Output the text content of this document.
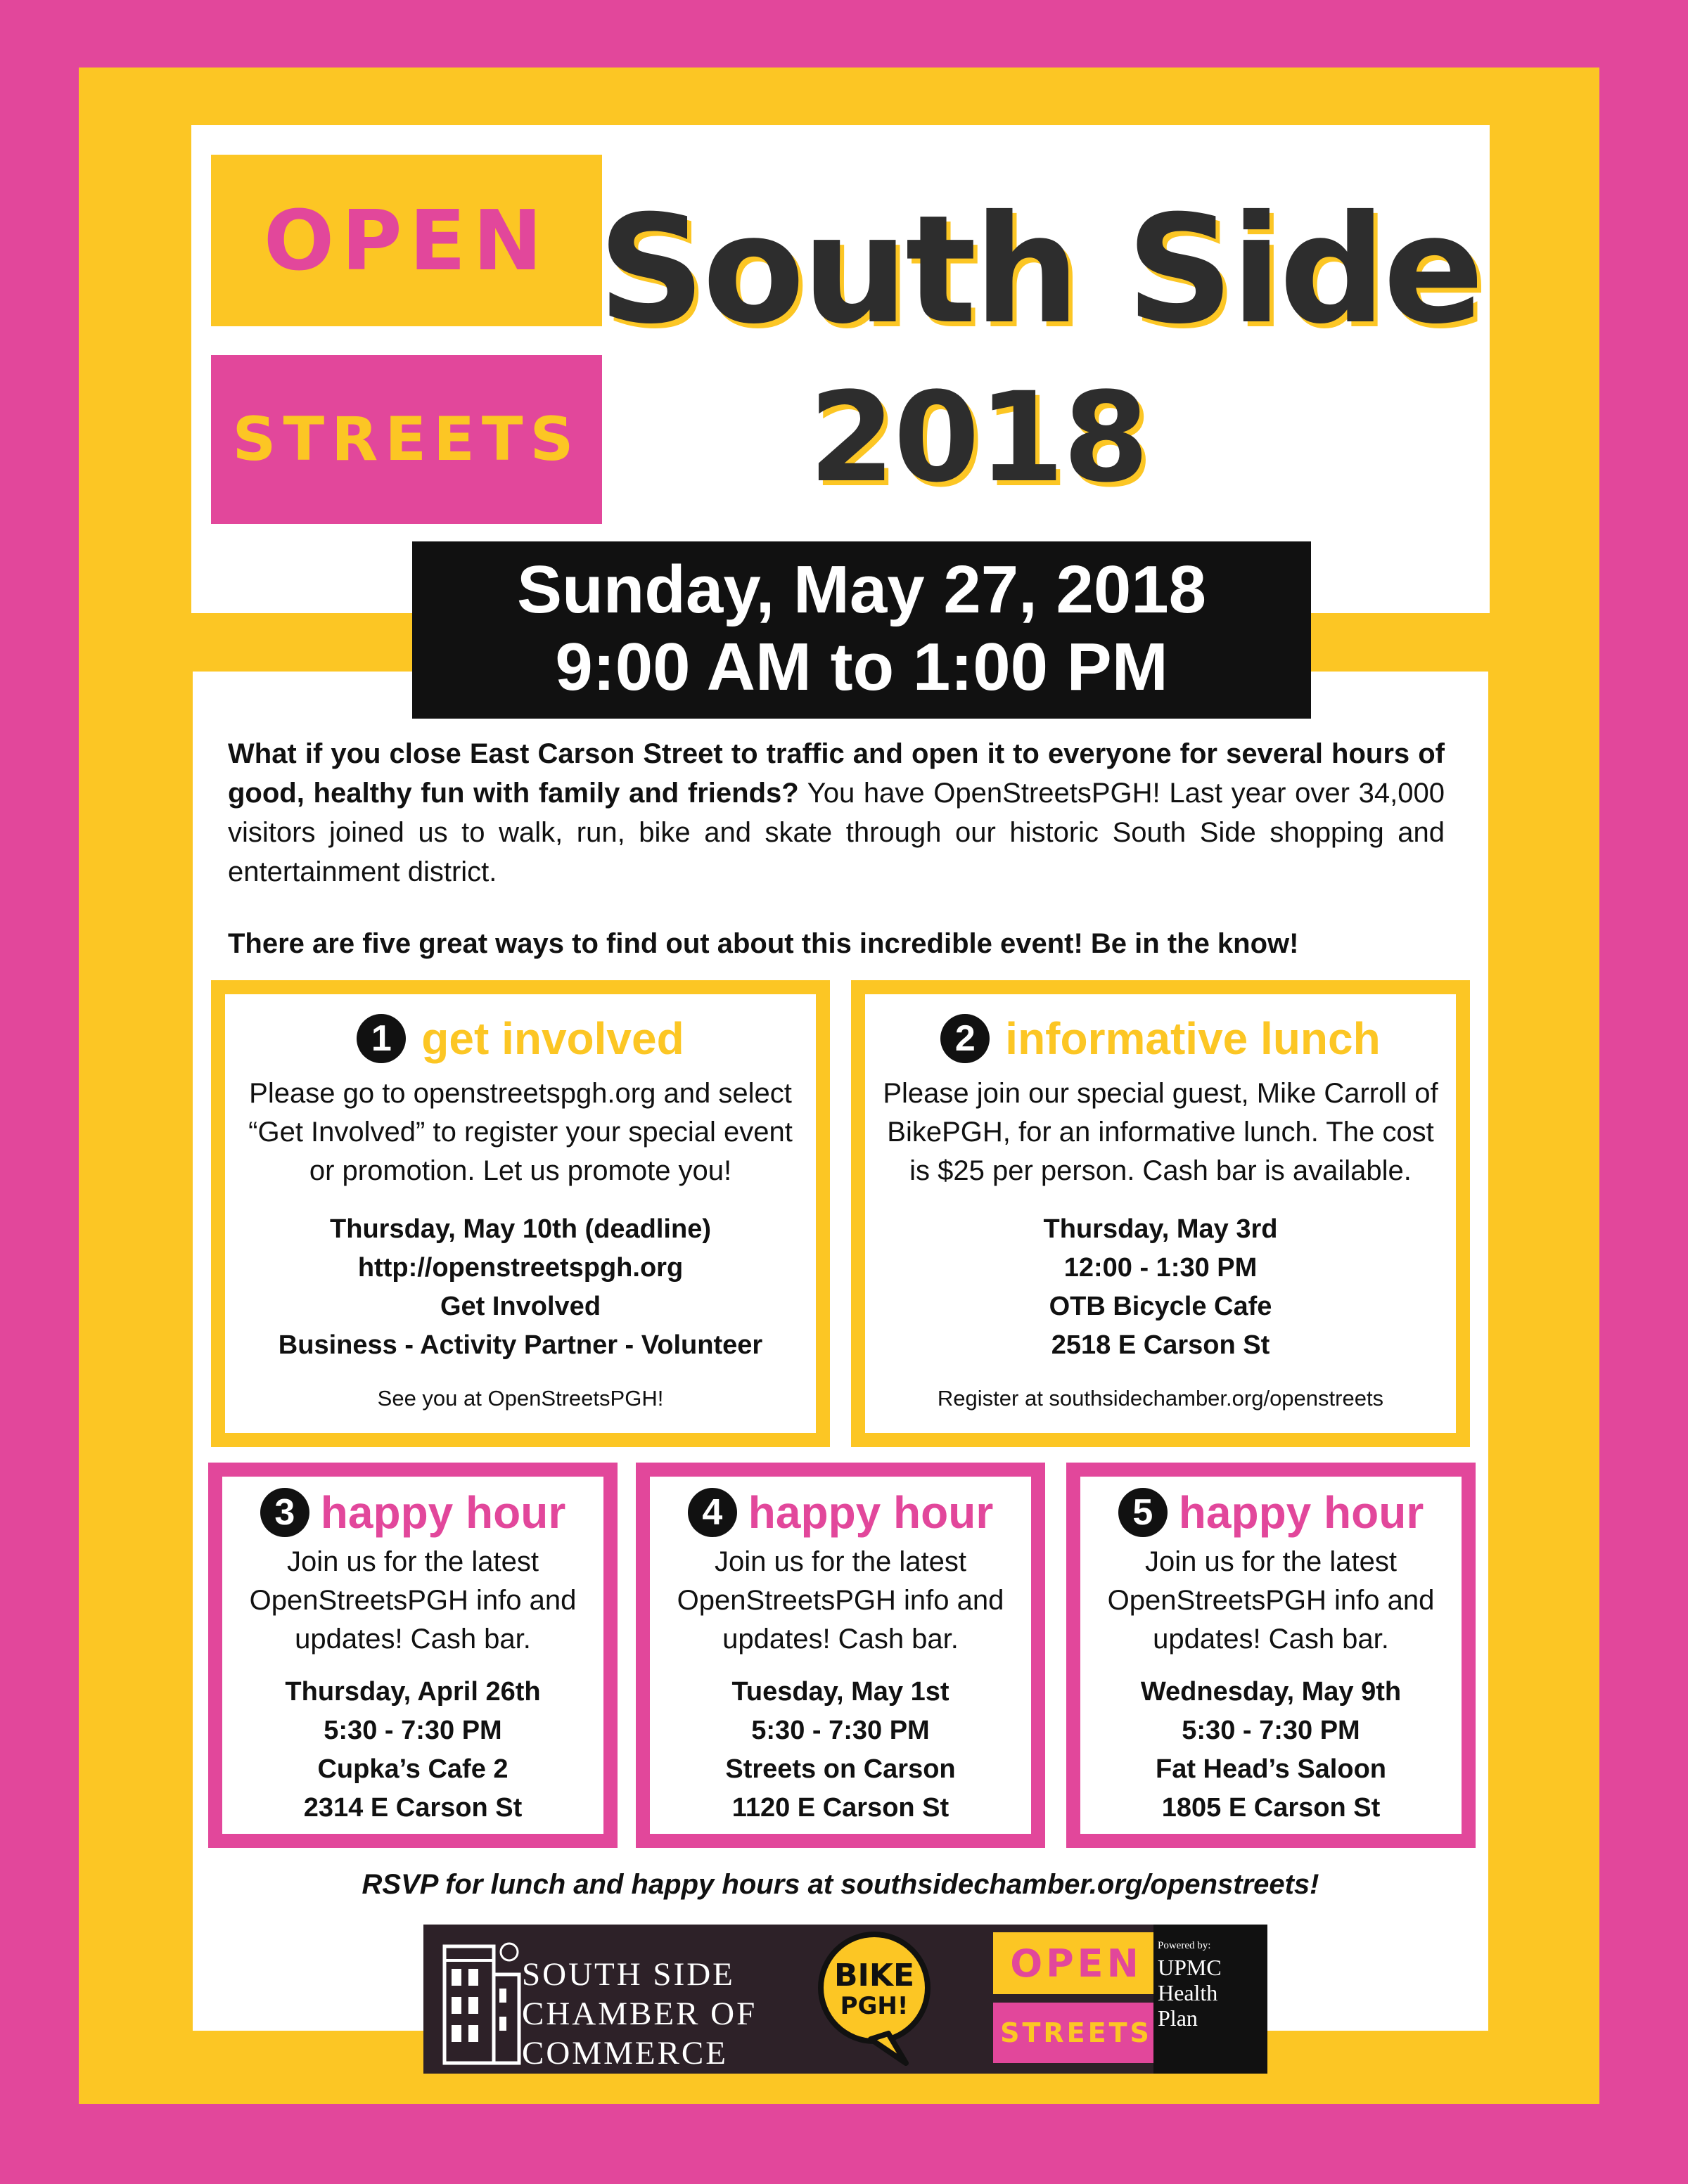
OPEN
STREETS
South Side
2018
Sunday, May 27, 2018
9:00 AM to 1:00 PM
What if you close East Carson Street to traffic and open it to everyone for several hours of good, healthy fun with family and friends? You have OpenStreetsPGH! Last year over 34,000 visitors joined us to walk, run, bike and skate through our historic South Side shopping and entertainment district.
There are five great ways to find out about this incredible event! Be in the know!
1 get involved
Please go to openstreetspgh.org and select “Get Involved” to register your special event or promotion. Let us promote you!
Thursday, May 10th (deadline)
http://openstreetspgh.org
Get Involved
Business - Activity Partner - Volunteer
See you at OpenStreetsPGH!
2 informative lunch
Please join our special guest, Mike Carroll of BikePGH, for an informative lunch. The cost is $25 per person. Cash bar is available.
Thursday, May 3rd
12:00 - 1:30 PM
OTB Bicycle Cafe
2518 E Carson St
Register at southsidechamber.org/openstreets
3 happy hour
Join us for the latest OpenStreetsPGH info and updates! Cash bar.
Thursday, April 26th
5:30 - 7:30 PM
Cupka’s Cafe 2
2314 E Carson St
4 happy hour
Join us for the latest OpenStreetsPGH info and updates! Cash bar.
Tuesday, May 1st
5:30 - 7:30 PM
Streets on Carson
1120 E Carson St
5 happy hour
Join us for the latest OpenStreetsPGH info and updates! Cash bar.
Wednesday, May 9th
5:30 - 7:30 PM
Fat Head’s Saloon
1805 E Carson St
RSVP for lunch and happy hours at southsidechamber.org/openstreets!
SOUTH SIDE
CHAMBER OF
COMMERCE
BIKE
PGH!
OPEN
STREETS
Powered by:
UPMC
Health
Plan
